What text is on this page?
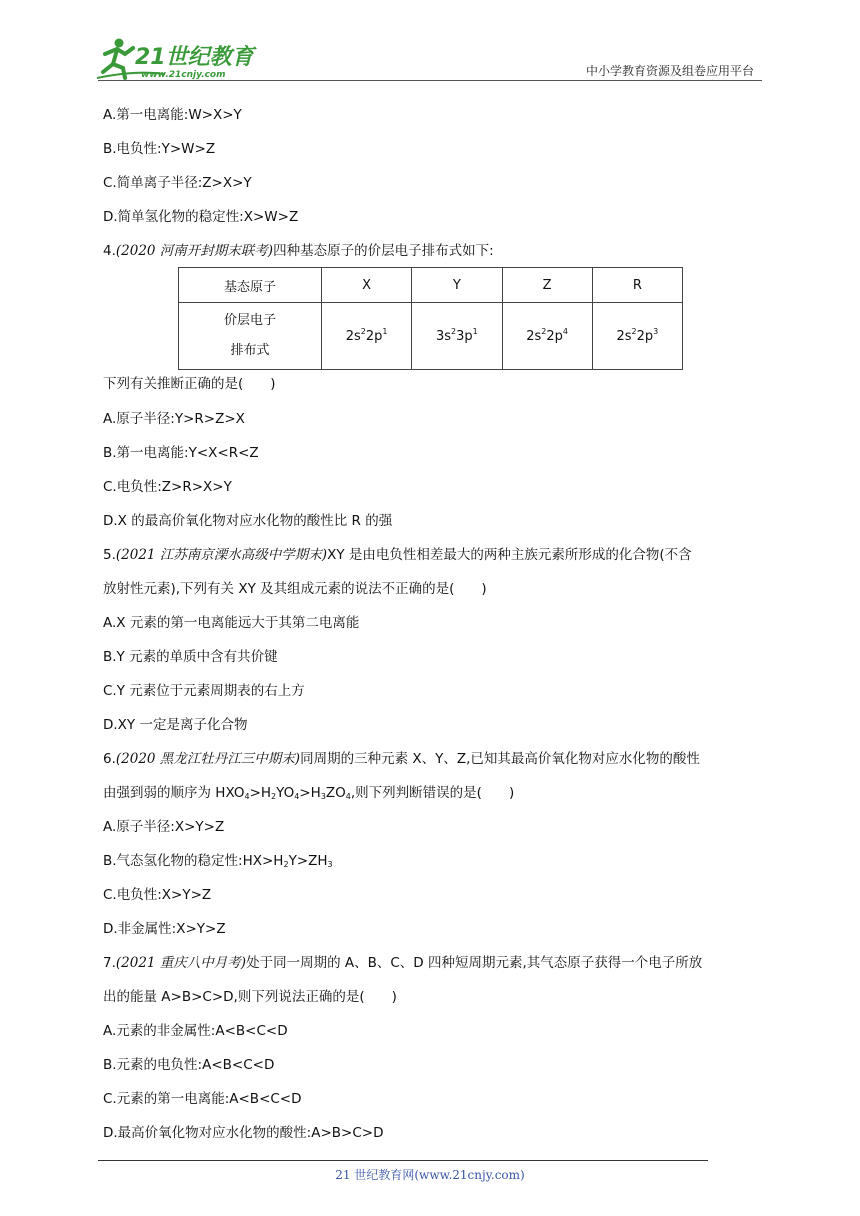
21世纪教育
www.21cnjy.com	中小学教育资源及组卷应用平台
A.第一电离能:W>X>Y
B.电负性:Y>W>Z
C.简单离子半径:Z>X>Y
D.简单氢化物的稳定性:X>W>Z
4.(2020 河南开封期末联考)四种基态原子的价层电子排布式如下:
基态原子	X	Y	Z	R

价层电子
排布式	$2s^22p^1$	$3s^23p^1$	$2s^22p^4$	$2s^22p^3$
下列有关推断正确的是(　　)
A.原子半径:Y>R>Z>X
B.第一电离能:Y<X<R<Z
C.电负性:Z>R>X>Y
D.X 的最高价氧化物对应水化物的酸性比 R 的强
5.(2021 江苏南京溧水高级中学期末)XY 是由电负性相差最大的两种主族元素所形成的化合物(不含
放射性元素),下列有关 XY 及其组成元素的说法不正确的是(　　)
A.X 元素的第一电离能远大于其第二电离能
B.Y 元素的单质中含有共价键
C.Y 元素位于元素周期表的右上方
D.XY 一定是离子化合物
6.(2020 黑龙江牡丹江三中期末)同周期的三种元素 X、Y、Z,已知其最高价氧化物对应水化物的酸性
由强到弱的顺序为 $HXO_4>H_2YO_4>H_3ZO_4$,则下列判断错误的是(　　)
A.原子半径:X>Y>Z
B.气态氢化物的稳定性$:HX>H_2Y>ZH_3$
C.电负性:X>Y>Z
D.非金属性:X>Y>Z
7.(2021 重庆八中月考)处于同一周期的 A、B、C、D 四种短周期元素,其气态原子获得一个电子所放
出的能量 A>B>C>D,则下列说法正确的是(　　)
A.元素的非金属性:A<B<C<D
B.元素的电负性:A<B<C<D
C.元素的第一电离能:A<B<C<D
D.最高价氧化物对应水化物的酸性:A>B>C>D
21 世纪教育网(www.21cnjy.com)
